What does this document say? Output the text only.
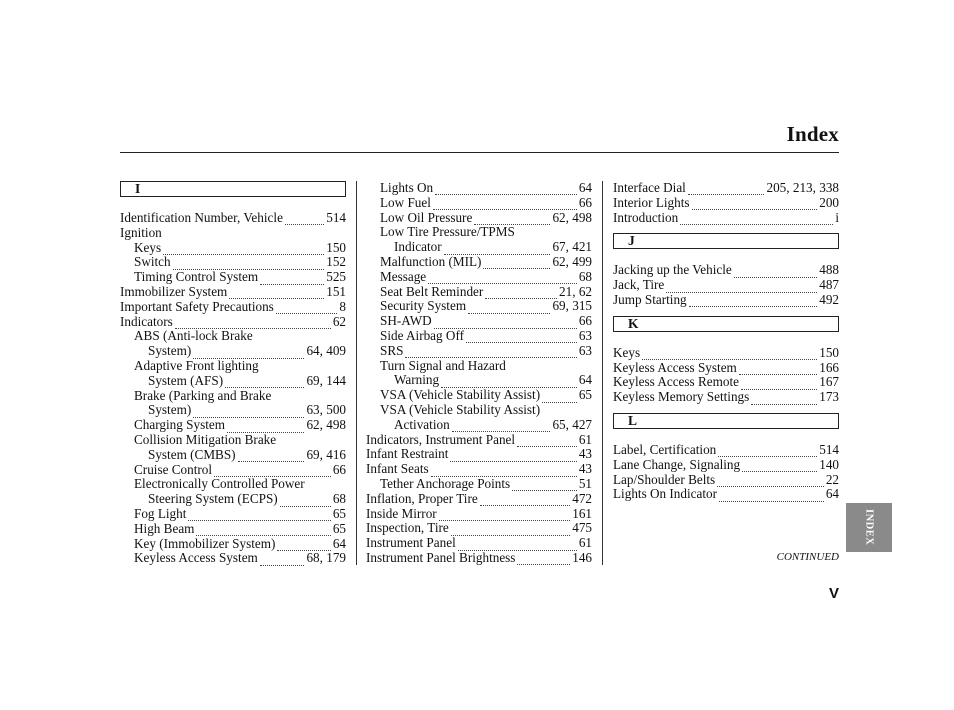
Index
I
Identification Number, Vehicle	514
Ignition
Keys	150
Switch	152
Timing Control System	525
Immobilizer System	151
Important Safety Precautions	8
Indicators	62
ABS (Anti-lock Brake
System)	64, 409
Adaptive Front lighting
System (AFS)	69, 144
Brake (Parking and Brake
System)	63, 500
Charging System	62, 498
Collision Mitigation Brake
System (CMBS)	69, 416
Cruise Control	66
Electronically Controlled Power
Steering System (ECPS)	68
Fog Light	65
High Beam	65
Key (Immobilizer System)	64
Keyless Access System	68, 179
Lights On	64
Low Fuel	66
Low Oil Pressure	62, 498
Low Tire Pressure/TPMS
Indicator	67, 421
Malfunction (MIL)	62, 499
Message	68
Seat Belt Reminder	21, 62
Security System	69, 315
SH-AWD	66
Side Airbag Off	63
SRS	63
Turn Signal and Hazard
Warning	64
VSA (Vehicle Stability Assist)	65
VSA (Vehicle Stability Assist)
Activation	65, 427
Indicators, Instrument Panel	61
Infant Restraint	43
Infant Seats	43
Tether Anchorage Points	51
Inflation, Proper Tire	472
Inside Mirror	161
Inspection, Tire	475
Instrument Panel	61
Instrument Panel Brightness	146
Interface Dial	205, 213, 338
Interior Lights	200
Introduction	i
J
Jacking up the Vehicle	488
Jack, Tire	487
Jump Starting	492
K
Keys	150
Keyless Access System	166
Keyless Access Remote	167
Keyless Memory Settings	173
L
Label, Certification	514
Lane Change, Signaling	140
Lap/Shoulder Belts	22
Lights On Indicator	64
INDEX
CONTINUED
V
